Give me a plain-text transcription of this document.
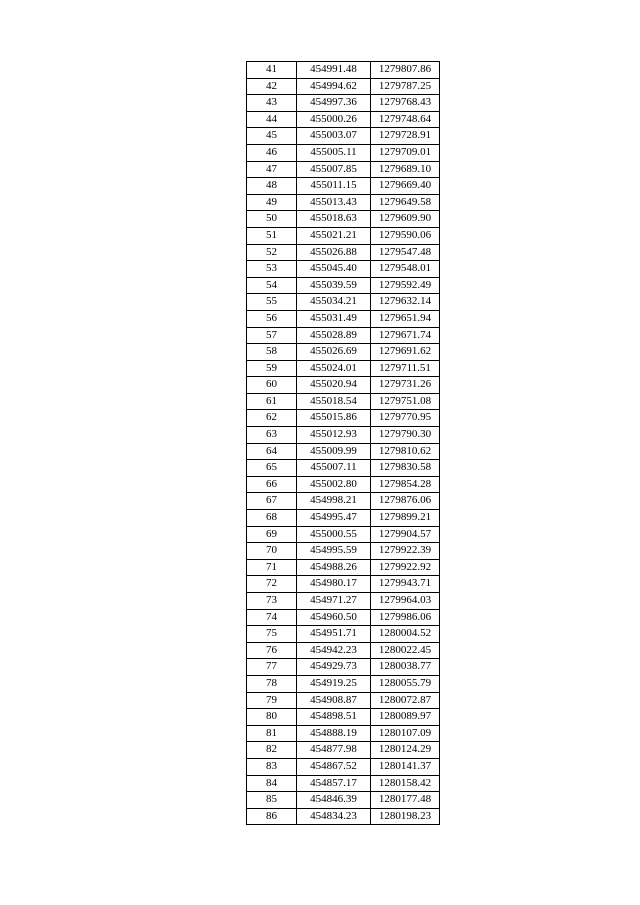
41	454991.48	1279807.86
42	454994.62	1279787.25
43	454997.36	1279768.43
44	455000.26	1279748.64
45	455003.07	1279728.91
46	455005.11	1279709.01
47	455007.85	1279689.10
48	455011.15	1279669.40
49	455013.43	1279649.58
50	455018.63	1279609.90
51	455021.21	1279590.06
52	455026.88	1279547.48
53	455045.40	1279548.01
54	455039.59	1279592.49
55	455034.21	1279632.14
56	455031.49	1279651.94
57	455028.89	1279671.74
58	455026.69	1279691.62
59	455024.01	1279711.51
60	455020.94	1279731.26
61	455018.54	1279751.08
62	455015.86	1279770.95
63	455012.93	1279790.30
64	455009.99	1279810.62
65	455007.11	1279830.58
66	455002.80	1279854.28
67	454998.21	1279876.06
68	454995.47	1279899.21
69	455000.55	1279904.57
70	454995.59	1279922.39
71	454988.26	1279922.92
72	454980.17	1279943.71
73	454971.27	1279964.03
74	454960.50	1279986.06
75	454951.71	1280004.52
76	454942.23	1280022.45
77	454929.73	1280038.77
78	454919.25	1280055.79
79	454908.87	1280072.87
80	454898.51	1280089.97
81	454888.19	1280107.09
82	454877.98	1280124.29
83	454867.52	1280141.37
84	454857.17	1280158.42
85	454846.39	1280177.48
86	454834.23	1280198.23
